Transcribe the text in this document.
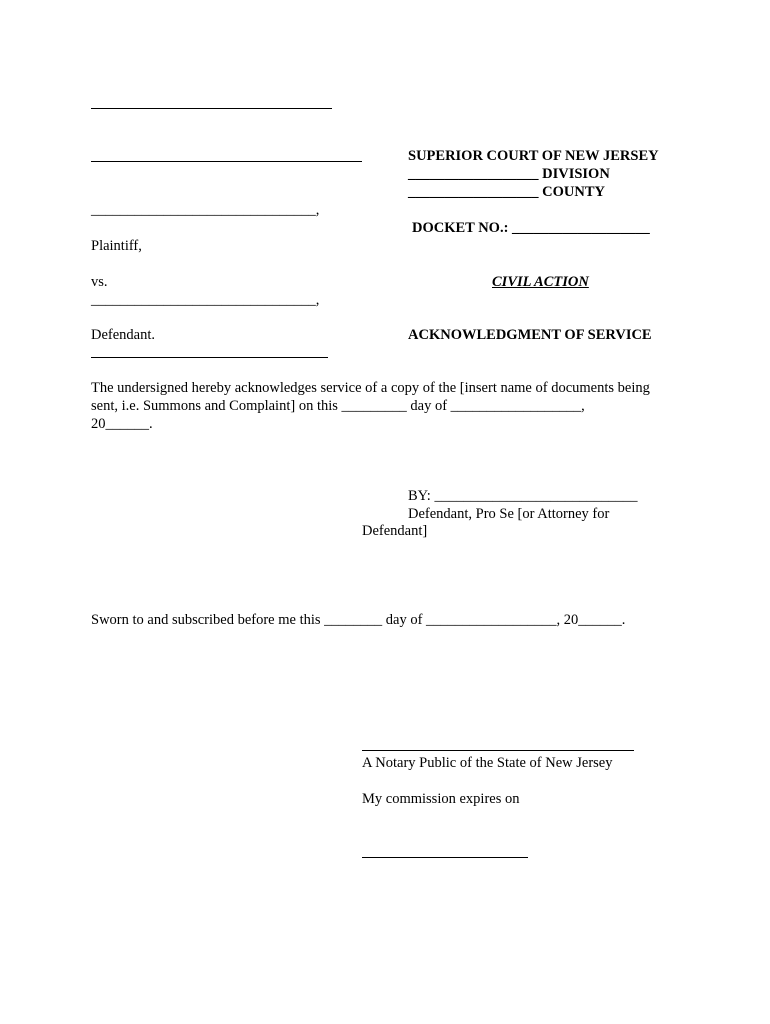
SUPERIOR COURT OF NEW JERSEY
__________________ DIVISION
__________________ COUNTY
DOCKET NO.: ___________________
_______________________________,
Plaintiff,
vs.
_______________________________,
Defendant.
CIVIL ACTION
ACKNOWLEDGMENT OF SERVICE
The undersigned hereby acknowledges service of a copy of the [insert name of documents being
sent, i.e. Summons and Complaint] on this _________ day of __________________,
20______.
BY: ____________________________
Defendant, Pro Se [or Attorney for
Defendant]
Sworn to and subscribed before me this ________ day of __________________, 20______.
A Notary Public of the State of New Jersey
My commission expires on
